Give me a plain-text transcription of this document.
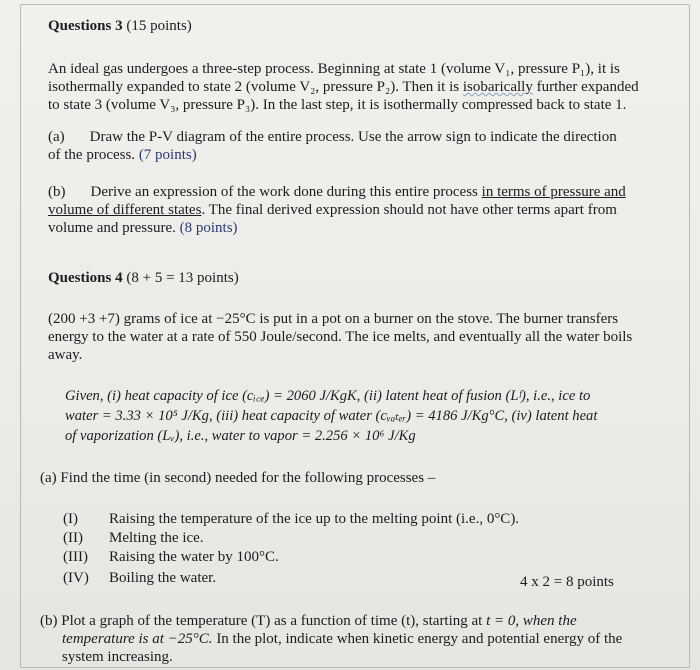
Questions 3 (15 points)
An ideal gas undergoes a three-step process. Beginning at state 1 (volume V₁, pressure P₁), it is
isothermally expanded to state 2 (volume V₂, pressure P₂). Then it is isobarically further expanded
to state 3 (volume V₃, pressure P₃). In the last step, it is isothermally compressed back to state 1.
(a) Draw the P-V diagram of the entire process. Use the arrow sign to indicate the direction
of the process. (7 points)
(b) Derive an expression of the work done during this entire process in terms of pressure and
volume of different states. The final derived expression should not have other terms apart from
volume and pressure. (8 points)
Questions 4 (8 + 5 = 13 points)
(200 +3 +7) grams of ice at −25°C is put in a pot on a burner on the stove. The burner transfers
energy to the water at a rate of 550 Joule/second. The ice melts, and eventually all the water boils
away.
Given, (i) heat capacity of ice (cᵢ꜀ₑ) = 2060 J/KgK, (ii) latent heat of fusion (Lᶠ), i.e., ice to
water = 3.33 × 10⁵ J/Kg, (iii) heat capacity of water (cᵥₐₜₑᵣ) = 4186 J/Kg°C, (iv) latent heat
of vaporization (Lᵥ), i.e., water to vapor = 2.256 × 10⁶ J/Kg
(a) Find the time (in second) needed for the following processes –
(I) Raising the temperature of the ice up to the melting point (i.e., 0°C).
(II) Melting the ice.
(III) Raising the water by 100°C.
(IV) Boiling the water.	4 x 2 = 8 points
(b) Plot a graph of the temperature (T) as a function of time (t), starting at t = 0, when the
temperature is at −25°C. In the plot, indicate when kinetic energy and potential energy of the
system increasing.
